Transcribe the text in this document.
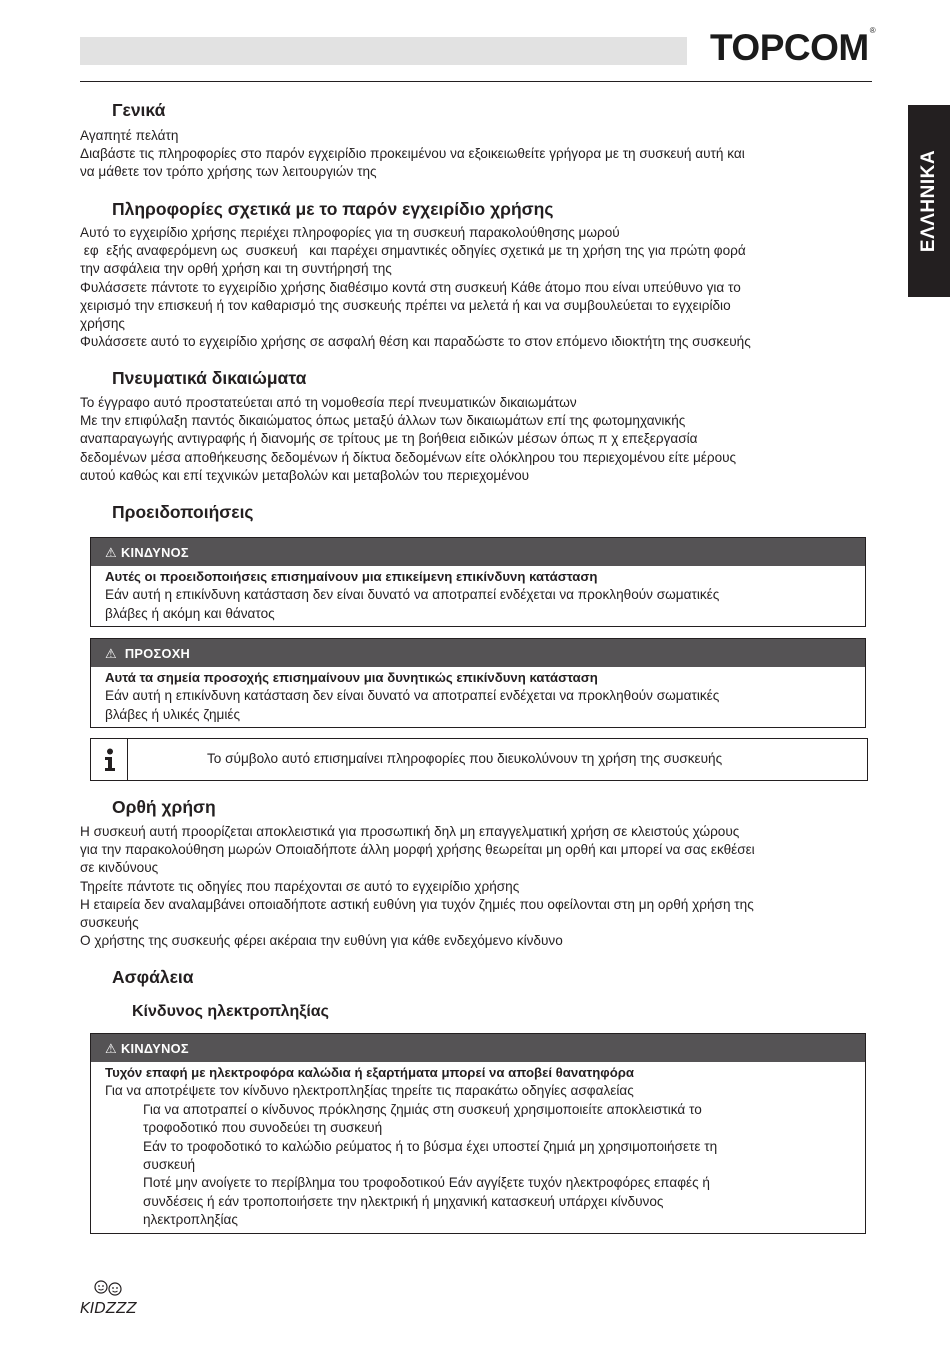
TOPCOM®
ΕΛΛΗΝΙΚΑ
Γενικά

Αγαπητέ πελάτη

Διαβάστε τις πληροφορίες στο παρόν εγχειρίδιο προκειμένου να εξοικειωθείτε γρήγορα με τη συσκευή αυτή και

να μάθετε τον τρόπο χρήσης των λειτουργιών της

Πληροφορίες σχετικά με το παρόν εγχειρίδιο χρήσης

Αυτό το εγχειρίδιο χρήσης περιέχει πληροφορίες για τη συσκευή παρακολούθησης μωρού

εφ  εξής αναφερόμενη ως  συσκευή   και παρέχει σημαντικές οδηγίες σχετικά με τη χρήση της για πρώτη φορά

την ασφάλεια την ορθή χρήση και τη συντήρησή της

Φυλάσσετε πάντοτε το εγχειρίδιο χρήσης διαθέσιμο κοντά στη συσκευή Κάθε άτομο που είναι υπεύθυνο για το

χειρισμό την επισκευή ή τον καθαρισμό της συσκευής πρέπει να μελετά ή και να συμβουλεύεται το εγχειρίδιο

χρήσης

Φυλάσσετε αυτό το εγχειρίδιο χρήσης σε ασφαλή θέση και παραδώστε το στον επόμενο ιδιοκτήτη της συσκευής

Πνευματικά δικαιώματα

Το έγγραφο αυτό προστατεύεται από τη νομοθεσία περί πνευματικών δικαιωμάτων

Με την επιφύλαξη παντός δικαιώματος όπως μεταξύ άλλων των δικαιωμάτων επί της φωτομηχανικής

αναπαραγωγής αντιγραφής ή διανομής σε τρίτους με τη βοήθεια ειδικών μέσων όπως π χ επεξεργασία

δεδομένων μέσα αποθήκευσης δεδομένων ή δίκτυα δεδομένων είτε ολόκληρου του περιεχομένου είτε μέρους

αυτού καθώς και επί τεχνικών μεταβολών και μεταβολών του περιεχομένου

Προειδοποιήσεις
⚠ ΚΙΝΔΥΝΟΣ

Αυτές οι προειδοποιήσεις επισημαίνουν μια επικείμενη επικίνδυνη κατάσταση

Εάν αυτή η επικίνδυνη κατάσταση δεν είναι δυνατό να αποτραπεί ενδέχεται να προκληθούν σωματικές

βλάβες ή ακόμη και θάνατος

⚠ ΠΡΟΣΟΧΗ

Αυτά τα σημεία προσοχής επισημαίνουν μια δυνητικώς επικίνδυνη κατάσταση

Εάν αυτή η επικίνδυνη κατάσταση δεν είναι δυνατό να αποτραπεί ενδέχεται να προκληθούν σωματικές

βλάβες ή υλικές ζημιές

Το σύμβολο αυτό επισημαίνει πληροφορίες που διευκολύνουν τη χρήση της συσκευής
Ορθή χρήση

Η συσκευή αυτή προορίζεται αποκλειστικά για προσωπική δηλ μη επαγγελματική χρήση σε κλειστούς χώρους

για την παρακολούθηση μωρών Οποιαδήποτε άλλη μορφή χρήσης θεωρείται μη ορθή και μπορεί να σας εκθέσει

σε κινδύνους

Τηρείτε πάντοτε τις οδηγίες που παρέχονται σε αυτό το εγχειρίδιο χρήσης

Η εταιρεία δεν αναλαμβάνει οποιαδήποτε αστική ευθύνη για τυχόν ζημιές που οφείλονται στη μη ορθή χρήση της

συσκευής

Ο χρήστης της συσκευής φέρει ακέραια την ευθύνη για κάθε ενδεχόμενο κίνδυνο

Ασφάλεια
Κίνδυνος ηλεκτροπληξίας
⚠ ΚΙΝΔΥΝΟΣ

Τυχόν επαφή με ηλεκτροφόρα καλώδια ή εξαρτήματα μπορεί να αποβεί θανατηφόρα

Για να αποτρέψετε τον κίνδυνο ηλεκτροπληξίας τηρείτε τις παρακάτω οδηγίες ασφαλείας

Για να αποτραπεί ο κίνδυνος πρόκλησης ζημιάς στη συσκευή χρησιμοποιείτε αποκλειστικά το

τροφοδοτικό που συνοδεύει τη συσκευή

Εάν το τροφοδοτικό το καλώδιο ρεύματος ή το βύσμα έχει υποστεί ζημιά μη χρησιμοποιήσετε τη

συσκευή

Ποτέ μην ανοίγετε το περίβλημα του τροφοδοτικού Εάν αγγίξετε τυχόν ηλεκτροφόρες επαφές ή

συνδέσεις ή εάν τροποποιήσετε την ηλεκτρική ή μηχανική κατασκευή υπάρχει κίνδυνος

ηλεκτροπληξίας

KIDZZZ
